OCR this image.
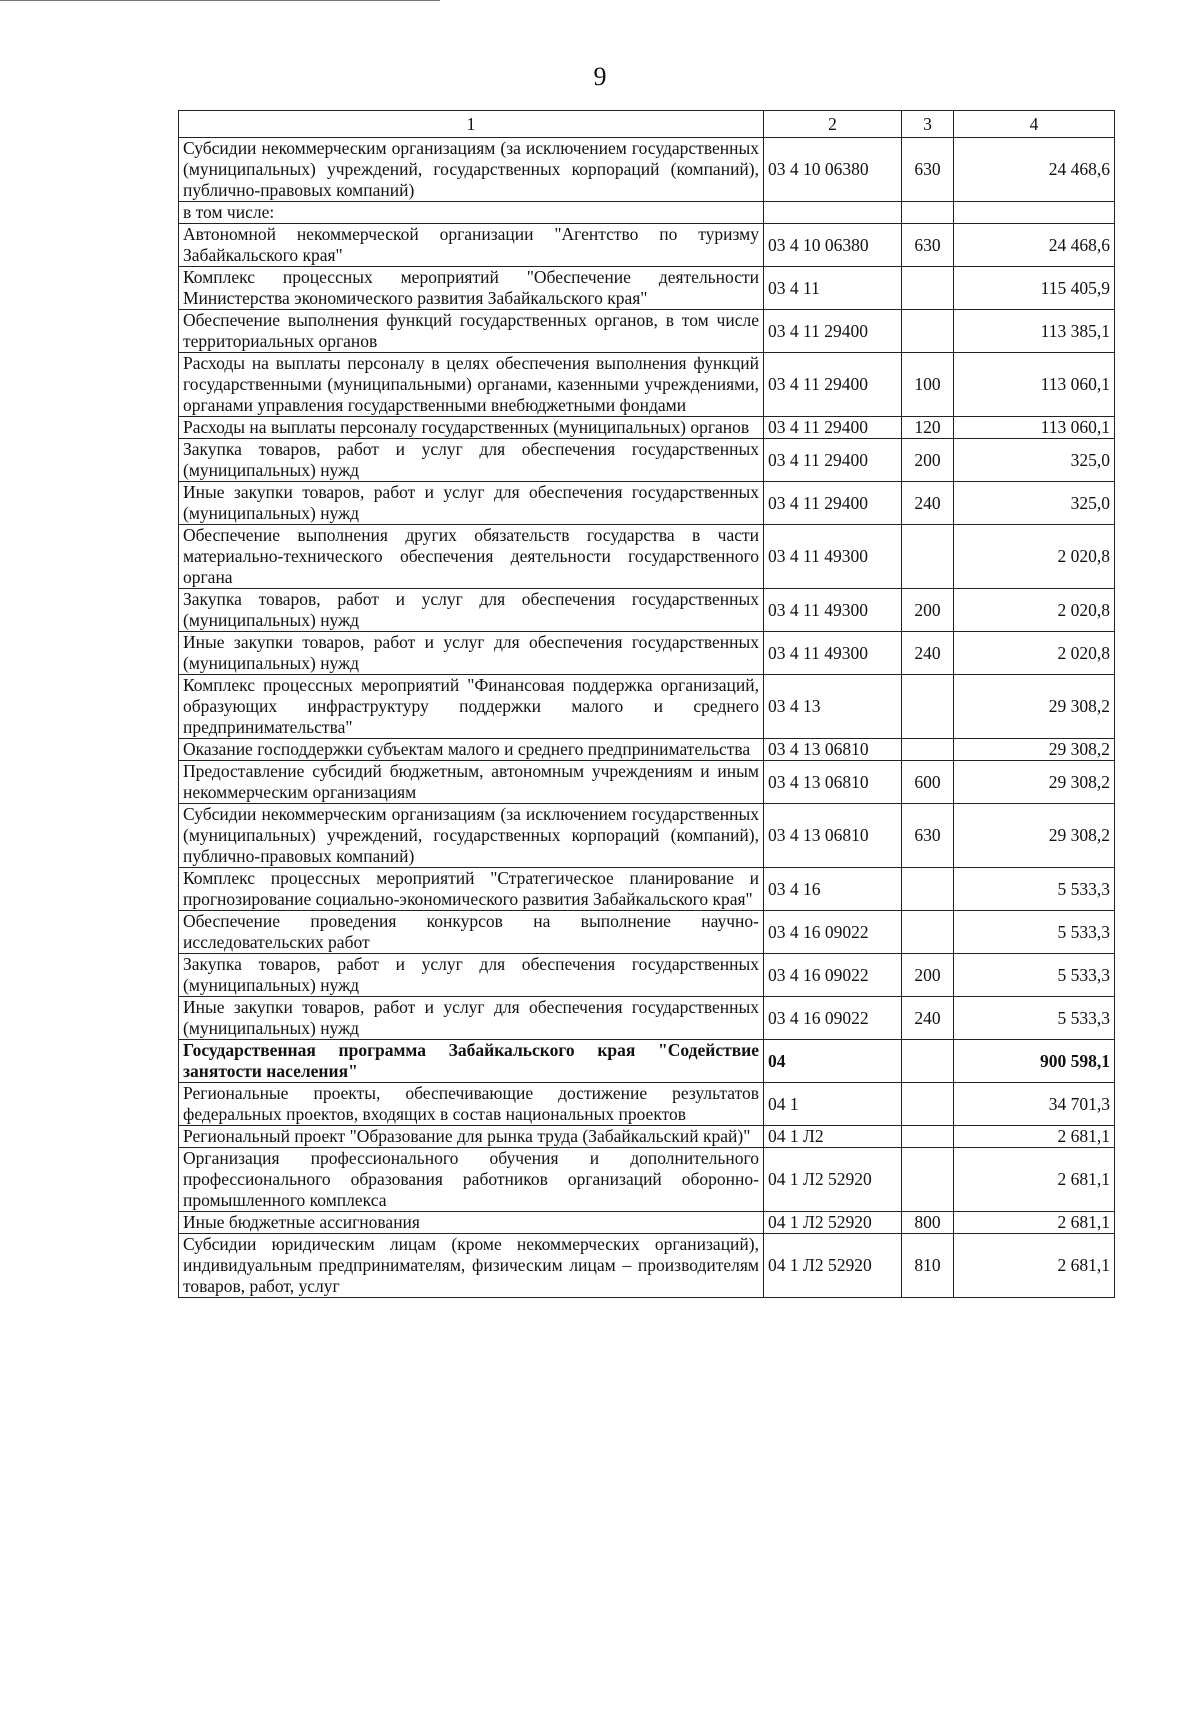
9
1	2	3	4
Субсидии некоммерческим организациям (за исключением государственных (муниципальных) учреждений, государственных корпораций (компаний), публично-правовых компаний)	03 4 10 06380	630	24 468,6
в том числе:			
Автономной некоммерческой организации "Агентство по туризму Забайкальского края"	03 4 10 06380	630	24 468,6
Комплекс процессных мероприятий "Обеспечение деятельности Министерства экономического развития Забайкальского края"	03 4 11		115 405,9
Обеспечение выполнения функций государственных органов, в том числе территориальных органов	03 4 11 29400		113 385,1
Расходы на выплаты персоналу в целях обеспечения выполнения функций государственными (муниципальными) органами, казенными учреждениями, органами управления государственными внебюджетными фондами	03 4 11 29400	100	113 060,1
Расходы на выплаты персоналу государственных (муниципальных) органов	03 4 11 29400	120	113 060,1
Закупка товаров, работ и услуг для обеспечения государственных (муниципальных) нужд	03 4 11 29400	200	325,0
Иные закупки товаров, работ и услуг для обеспечения государственных (муниципальных) нужд	03 4 11 29400	240	325,0
Обеспечение выполнения других обязательств государства в части материально-технического обеспечения деятельности государственного органа	03 4 11 49300		2 020,8
Закупка товаров, работ и услуг для обеспечения государственных (муниципальных) нужд	03 4 11 49300	200	2 020,8
Иные закупки товаров, работ и услуг для обеспечения государственных (муниципальных) нужд	03 4 11 49300	240	2 020,8
Комплекс процессных мероприятий "Финансовая поддержка организаций, образующих инфраструктуру поддержки малого и среднего предпринимательства"	03 4 13		29 308,2
Оказание господдержки субъектам малого и среднего предпринимательства	03 4 13 06810		29 308,2
Предоставление субсидий бюджетным, автономным учреждениям и иным некоммерческим организациям	03 4 13 06810	600	29 308,2
Субсидии некоммерческим организациям (за исключением государственных (муниципальных) учреждений, государственных корпораций (компаний), публично-правовых компаний)	03 4 13 06810	630	29 308,2
Комплекс процессных мероприятий "Стратегическое планирование и прогнозирование социально-экономического развития Забайкальского края"	03 4 16		5 533,3
Обеспечение проведения конкурсов на выполнение научно-исследовательских работ	03 4 16 09022		5 533,3
Закупка товаров, работ и услуг для обеспечения государственных (муниципальных) нужд	03 4 16 09022	200	5 533,3
Иные закупки товаров, работ и услуг для обеспечения государственных (муниципальных) нужд	03 4 16 09022	240	5 533,3
Государственная программа Забайкальского края "Содействие занятости населения"	04		900 598,1
Региональные проекты, обеспечивающие достижение результатов федеральных проектов, входящих в состав национальных проектов	04 1		34 701,3
Региональный проект "Образование для рынка труда (Забайкальский край)"	04 1 Л2		2 681,1
Организация профессионального обучения и дополнительного профессионального образования работников организаций оборонно-промышленного комплекса	04 1 Л2 52920		2 681,1
Иные бюджетные ассигнования	04 1 Л2 52920	800	2 681,1
Субсидии юридическим лицам (кроме некоммерческих организаций), индивидуальным предпринимателям, физическим лицам – производителям товаров, работ, услуг	04 1 Л2 52920	810	2 681,1
